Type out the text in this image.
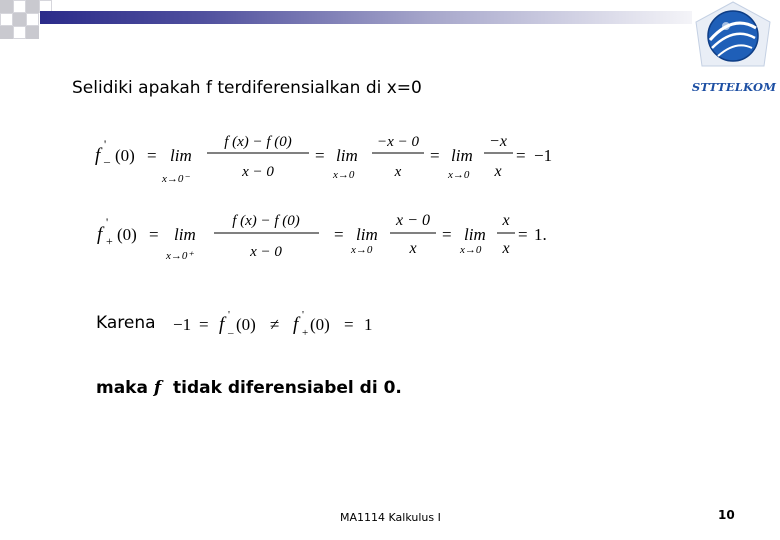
STTTELKOM
Selidiki apakah f terdiferensialkan di x=0
f
'
– (0) = lim
x→0⁻
f (x) − f (0)
x − 0
= lim
x→0
−x − 0
x
= lim
x→0
−x
x
= −1
f
'
+ (0) = lim
x→0⁺
f (x) − f (0)
x − 0
= lim
x→0
x − 0
x
= lim
x→0
x
x
= 1.
−1 = f '
– (0) ≠ f '
+ (0) = 1
Karena
maka f  tidak diferensiabel di 0.
MA1114 Kalkulus I	10
